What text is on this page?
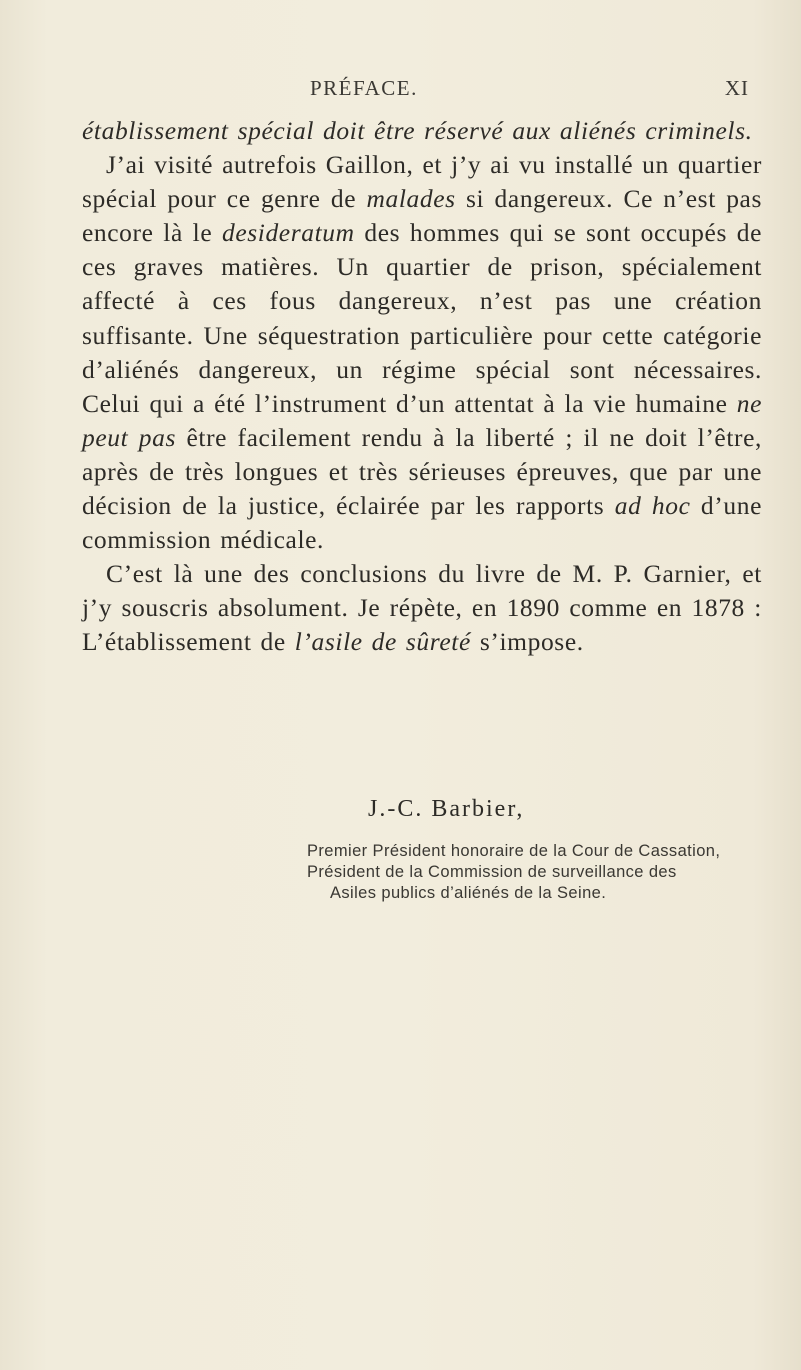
PRÉFACE.	XI

établissement spécial doit être réservé aux aliénés criminels.

J’ai visité autrefois Gaillon, et j’y ai vu installé un quartier spécial pour ce genre de malades si dangereux. Ce n’est pas encore là le desideratum des hommes qui se sont occupés de ces graves matières. Un quartier de prison, spécialement affecté à ces fous dangereux, n’est pas une création suffisante. Une séquestration particulière pour cette catégorie d’aliénés dangereux, un régime spécial sont nécessaires. Celui qui a été l’instrument d’un attentat à la vie humaine ne peut pas être facilement rendu à la liberté ; il ne doit l’être, après de très longues et très sérieuses épreuves, que par une décision de la justice, éclairée par les rapports ad hoc d’une commission médicale.

C’est là une des conclusions du livre de M. P. Garnier, et j’y souscris absolument. Je répète, en 1890 comme en 1878 : L’établissement de l’asile de sûreté s’impose.

J.-C. Barbier,
Premier Président honoraire de la Cour de Cassation,
Président de la Commission de surveillance des
Asiles publics d’aliénés de la Seine.
